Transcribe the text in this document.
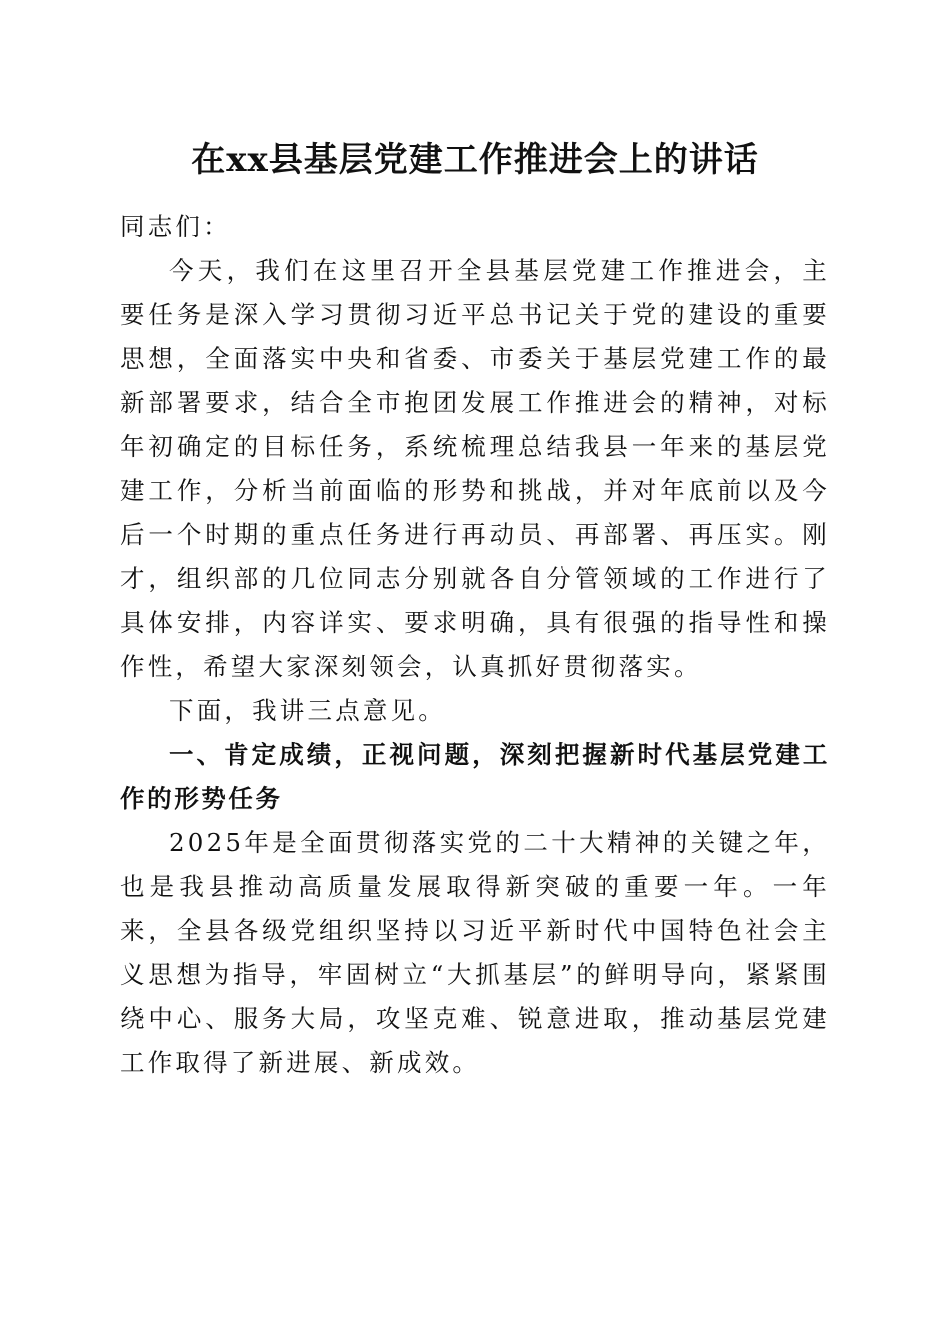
在xx县基层党建工作推进会上的讲话

同志们：

今天，我们在这里召开全县基层党建工作推进会，主要任务是深入学习贯彻习近平总书记关于党的建设的重要思想，全面落实中央和省委、市委关于基层党建工作的最新部署要求，结合全市抱团发展工作推进会的精神，对标年初确定的目标任务，系统梳理总结我县一年来的基层党建工作，分析当前面临的形势和挑战，并对年底前以及今后一个时期的重点任务进行再动员、再部署、再压实。刚才，组织部的几位同志分别就各自分管领域的工作进行了具体安排，内容详实、要求明确，具有很强的指导性和操作性，希望大家深刻领会，认真抓好贯彻落实。

下面，我讲三点意见。

一、肯定成绩，正视问题，深刻把握新时代基层党建工作的形势任务

2025年是全面贯彻落实党的二十大精神的关键之年，也是我县推动高质量发展取得新突破的重要一年。一年来，全县各级党组织坚持以习近平新时代中国特色社会主义思想为指导，牢固树立“大抓基层”的鲜明导向，紧紧围绕中心、服务大局，攻坚克难、锐意进取，推动基层党建工作取得了新进展、新成效。
